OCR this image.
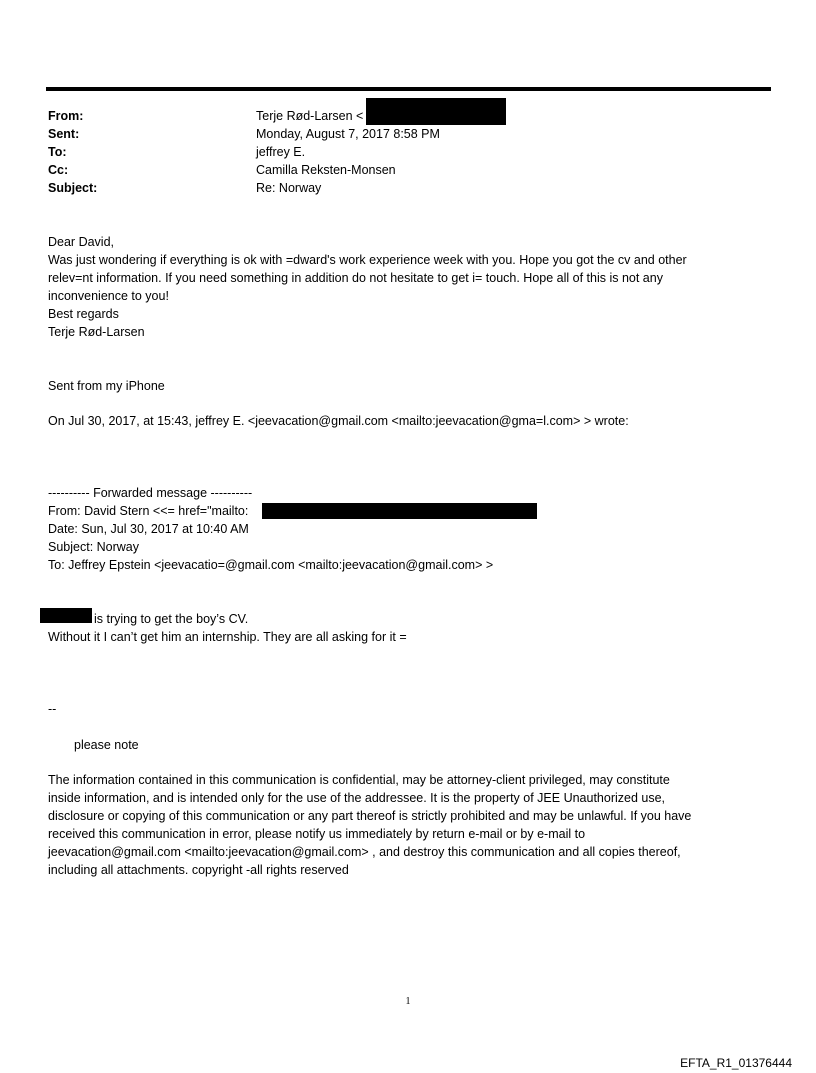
From:	Terje Rød-Larsen <
Sent:	Monday, August 7, 2017 8:58 PM
To:	jeffrey E.
Cc:	Camilla Reksten-Monsen
Subject:	Re: Norway
Dear David,
Was just wondering if everything is ok with =dward's work experience week with you. Hope you got the cv and other
relev=nt information. If you need something in addition do not hesitate to get i= touch. Hope all of this is not any
inconvenience to you!
Best regards
Terje Rød-Larsen
Sent from my iPhone
On Jul 30, 2017, at 15:43, jeffrey E. <jeevacation@gmail.com <mailto:jeevacation@gma=l.com> > wrote:
---------- Forwarded message ----------
From: David Stern <<= href="mailto:
Date: Sun, Jul 30, 2017 at 10:40 AM
Subject: Norway
To: Jeffrey Epstein <jeevacatio=@gmail.com <mailto:jeevacation@gmail.com> >
is trying to get the boy’s CV.
Without it I can’t get him an internship. They are all asking for it =
--
please note
The information contained in this communication is confidential, may be attorney-client privileged, may constitute
inside information, and is intended only for the use of the addressee. It is the property of JEE Unauthorized use,
disclosure or copying of this communication or any part thereof is strictly prohibited and may be unlawful. If you have
received this communication in error, please notify us immediately by return e-mail or by e-mail to
jeevacation@gmail.com <mailto:jeevacation@gmail.com> , and destroy this communication and all copies thereof,
including all attachments. copyright -all rights reserved
1
EFTA_R1_01376444
